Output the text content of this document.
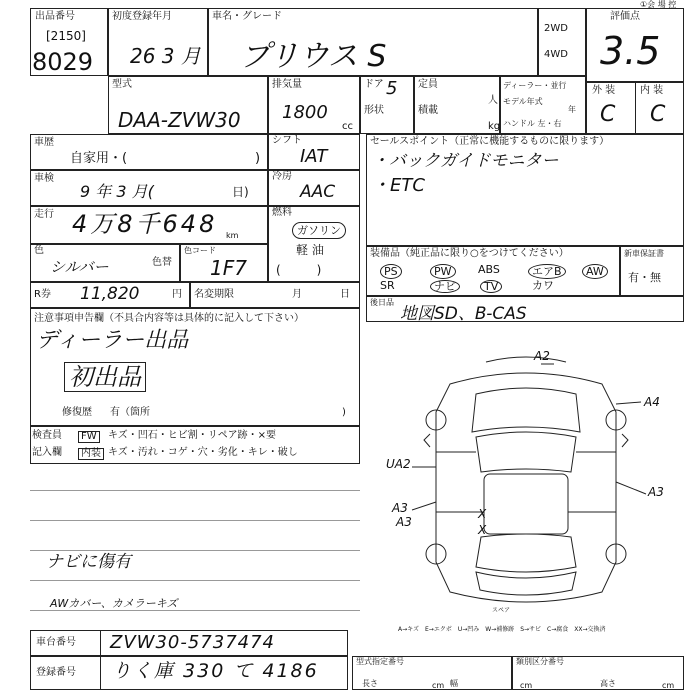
出品番号
[2150]
8029
初度登録年月
26 3 月
車名・グレード
プリウス S
2WD
4WD
評価点
3.5
①会 場 控
型式
DAA-ZVW30
排気量
1800
cc
ドア 5
形状
定員
人
積載
kg
ディーラー・並行
モデル年式
年
ハンドル 左・右
外 装 内 装
C C
車歴
自家用・(	)
シフト
IAT
車検
9 年 3 月(	日)
冷房
AAC
走行 4万8千648 km
燃料
ガソリン
軽 油
(　　　)
色
シルバー	色替
色コード
1F7
R券 11,820	円 名変期限	月	日
注意事項申告欄（不具合内容等は具体的に記入して下さい）
ディーラー出品
初出品
修復歴 有（箇所	)
セールスポイント（正常に機能するものに限ります）
・バックガイドモニター
・ETC
装備品（純正品に限り○をつけてください）
PS	PW	ABS	エアB	AW
SR	ナビ	TV	カワ
新車保証書
有・無
後日品
地図SD、B-CAS
A2
A4
UA2
A3
A3
A3
X
X
スペア
A→キズ　E→エクボ　U→凹み　W→補修跡　S→サビ　C→腐食　XX→交換済
検査員
記入欄
FW	キズ・凹石・ヒビ割・リペア跡・×要
内装 キズ・汚れ・コゲ・穴・劣化・キレ・破し
ナビに傷有
AWカバー、カメラーキズ
車台番号 ZVW30-5737474
登録番号 りく庫 330 て 4186	型式指定番号
長さ	幅
cm
類別区分番号
高さ
cm	cm
